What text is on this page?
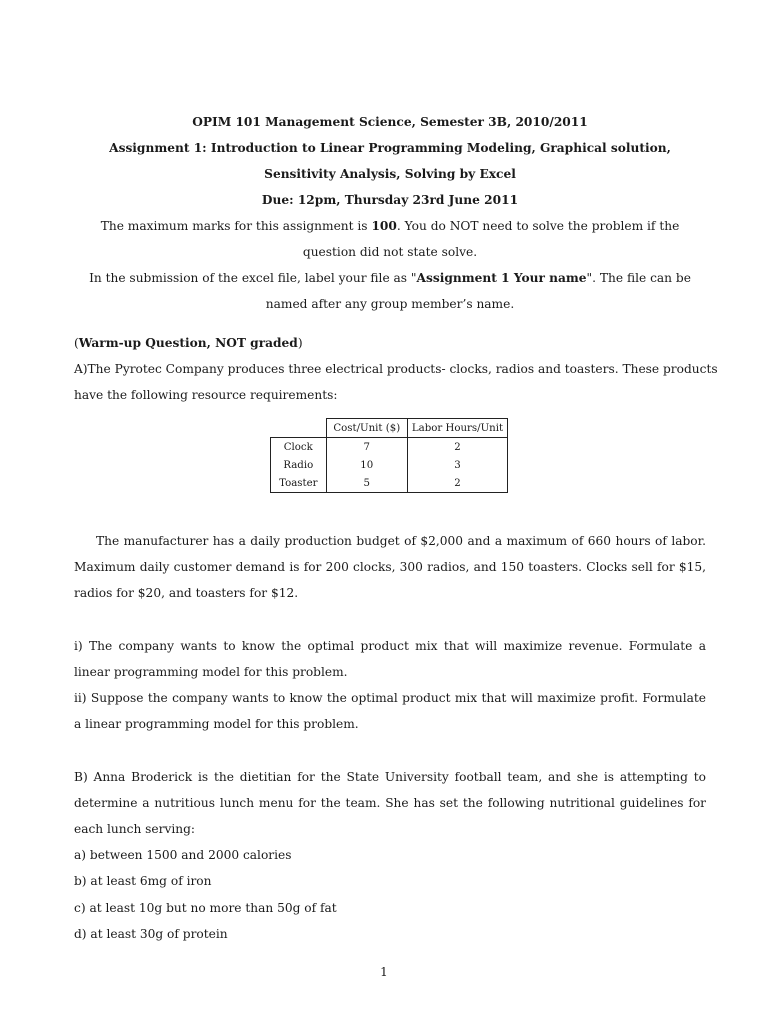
OPIM 101 Management Science, Semester 3B, 2010/2011
Assignment 1: Introduction to Linear Programming Modeling, Graphical solution,
Sensitivity Analysis, Solving by Excel
Due: 12pm, Thursday 23rd June 2011
The maximum marks for this assignment is 100. You do NOT need to solve the problem if the
question did not state solve.
In the submission of the excel file, label your file as "Assignment 1 Your name". The file can be
named after any group member’s name.
(Warm-up Question, NOT graded)
A)The Pyrotec Company produces three electrical products- clocks, radios and toasters. These products
have the following resource requirements:
	Cost/Unit ($)	Labor Hours/Unit
Clock	7	2
Radio	10	3
Toaster	5	2
The manufacturer has a daily production budget of $2,000 and a maximum of 660 hours of labor.
Maximum daily customer demand is for 200 clocks, 300 radios, and 150 toasters. Clocks sell for $15,
radios for $20, and toasters for $12.
i) The company wants to know the optimal product mix that will maximize revenue. Formulate a
linear programming model for this problem.
ii) Suppose the company wants to know the optimal product mix that will maximize profit. Formulate
a linear programming model for this problem.
B) Anna Broderick is the dietitian for the State University football team, and she is attempting to
determine a nutritious lunch menu for the team. She has set the following nutritional guidelines for
each lunch serving:
a) between 1500 and 2000 calories
b) at least 6mg of iron
c) at least 10g but no more than 50g of fat
d) at least 30g of protein
1
